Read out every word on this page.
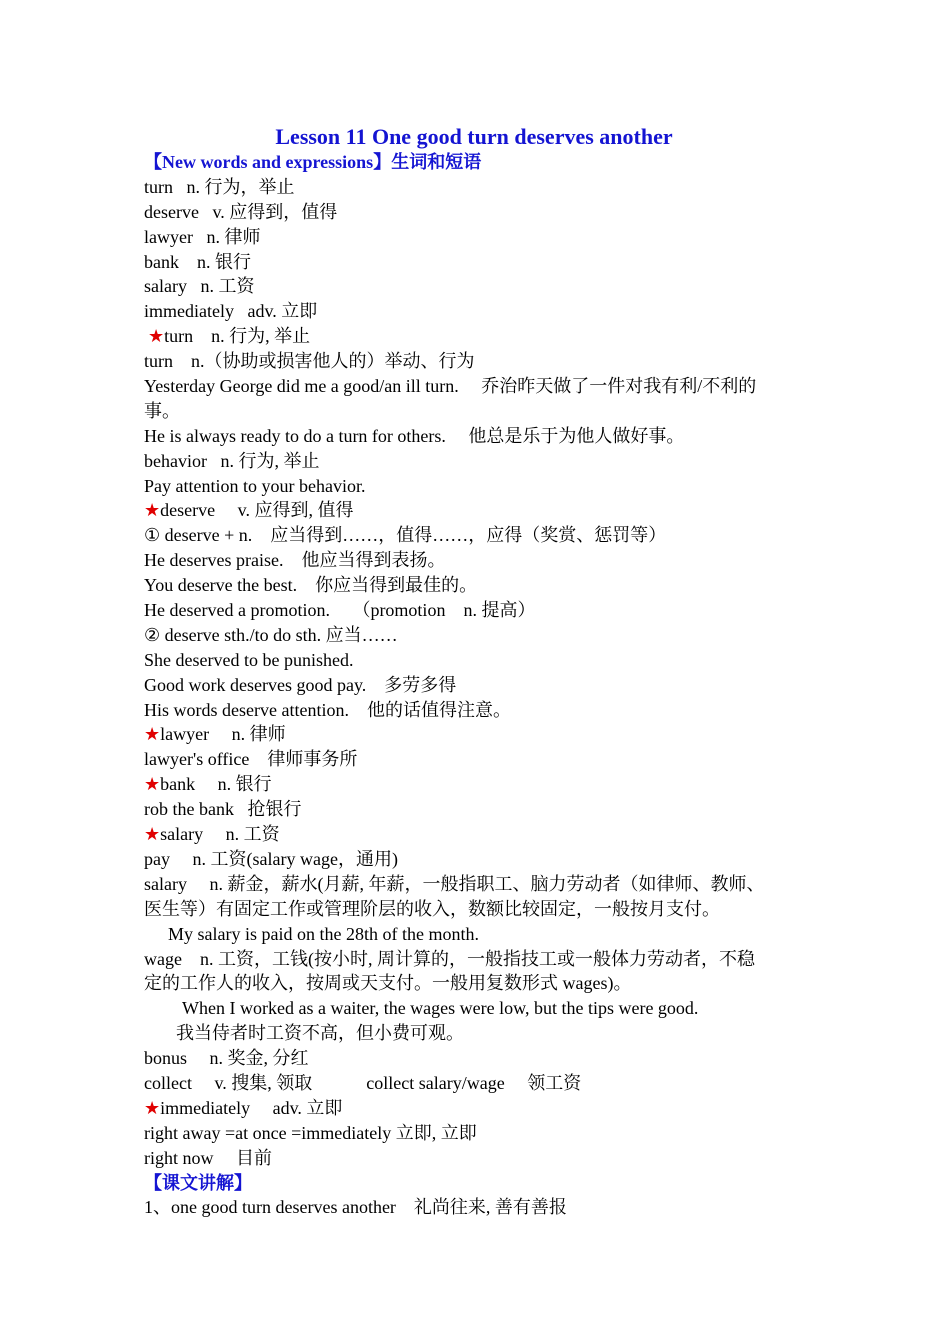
Lesson 11 One good turn deserves another
【New words and expressions】生词和短语
turn   n. 行为，举止
deserve   v. 应得到，值得
lawyer   n. 律师
bank    n. 银行
salary   n. 工资
immediately   adv. 立即
★turn    n. 行为, 举止
turn    n.（协助或损害他人的）举动、行为
Yesterday George did me a good/an ill turn.     乔治昨天做了一件对我有利/不利的
事。
He is always ready to do a turn for others.     他总是乐于为他人做好事。
behavior   n. 行为, 举止
Pay attention to your behavior.
★deserve     v. 应得到, 值得
① deserve + n.    应当得到……，值得……，应得（奖赏、惩罚等）
He deserves praise.    他应当得到表扬。
You deserve the best.    你应当得到最佳的。
He deserved a promotion.     （promotion    n. 提高）
② deserve sth./to do sth. 应当……
She deserved to be punished.
Good work deserves good pay.    多劳多得
His words deserve attention.    他的话值得注意。
★lawyer     n. 律师
lawyer's office    律师事务所
★bank     n. 银行
rob the bank   抢银行
★salary     n. 工资
pay     n. 工资(salary wage，通用)
salary     n. 薪金，薪水(月薪, 年薪，一般指职工、脑力劳动者（如律师、教师、
医生等）有固定工作或管理阶层的收入，数额比较固定，一般按月支付。
My salary is paid on the 28th of the month.
wage    n. 工资，工钱(按小时, 周计算的，一般指技工或一般体力劳动者，不稳
定的工作人的收入，按周或天支付。一般用复数形式 wages)。
When I worked as a waiter, the wages were low, but the tips were good.
我当侍者时工资不高，但小费可观。
bonus     n. 奖金, 分红
collect     v. 搜集, 领取            collect salary/wage     领工资
★immediately     adv. 立即
right away =at once =immediately 立即, 立即
right now     目前
【课文讲解】
1、one good turn deserves another    礼尚往来, 善有善报
